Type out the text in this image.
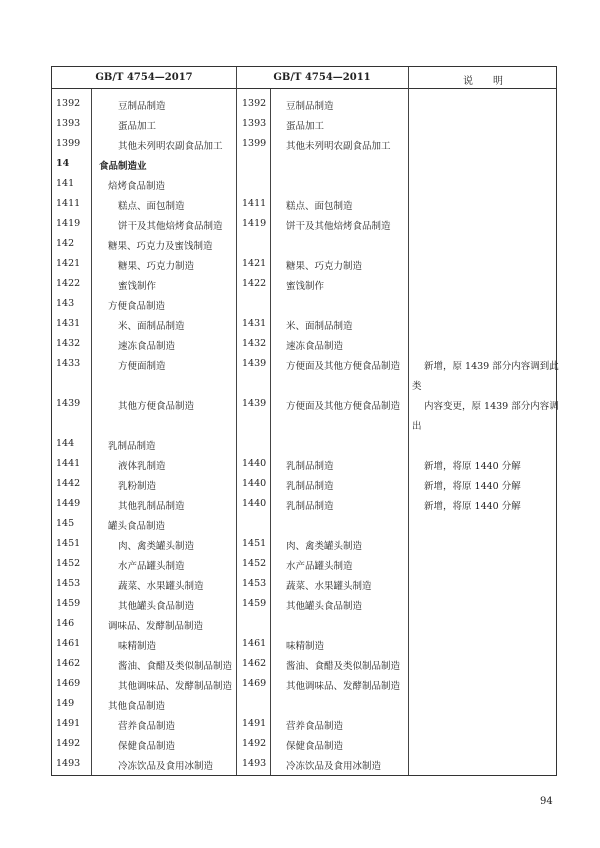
GB/T 4754—2017	GB/T 4754—2011	说　　明
1392	豆制品制造	1392 豆制品制造
1393	蛋品加工	1393 蛋品加工
1399	其他未列明农副食品加工 1399 其他未列明农副食品加工
14	食品制造业
141	焙烤食品制造
1411	糕点、面包制造	1411 糕点、面包制造
1419	饼干及其他焙烤食品制造 1419 饼干及其他焙烤食品制造
142	糖果、巧克力及蜜饯制造
1421	糖果、巧克力制造	1421 糖果、巧克力制造
1422	蜜饯制作	1422 蜜饯制作
143	方便食品制造
1431	米、面制品制造	1431 米、面制品制造
1432	速冻食品制造	1432 速冻食品制造
1433	方便面制造	1439 方便面及其他方便食品制造	新增，原 1439 部分内容调到此
类
1439	其他方便食品制造	1439 方便面及其他方便食品制造	内容变更，原 1439 部分内容调
出
144	乳制品制造
1441	液体乳制造	1440 乳制品制造	新增，将原 1440 分解
1442	乳粉制造	1440 乳制品制造	新增，将原 1440 分解
1449	其他乳制品制造	1440 乳制品制造	新增，将原 1440 分解
145	罐头食品制造
1451	肉、禽类罐头制造	1451 肉、禽类罐头制造
1452	水产品罐头制造	1452 水产品罐头制造
1453	蔬菜、水果罐头制造	1453 蔬菜、水果罐头制造
1459	其他罐头食品制造	1459 其他罐头食品制造
146	调味品、发酵制品制造
1461	味精制造	1461 味精制造
1462	酱油、食醋及类似制品制造 1462 酱油、食醋及类似制品制造
1469	其他调味品、发酵制品制造 1469 其他调味品、发酵制品制造
149	其他食品制造
1491	营养食品制造	1491 营养食品制造
1492	保健食品制造	1492 保健食品制造
1493	冷冻饮品及食用冰制造	1493 冷冻饮品及食用冰制造
94
